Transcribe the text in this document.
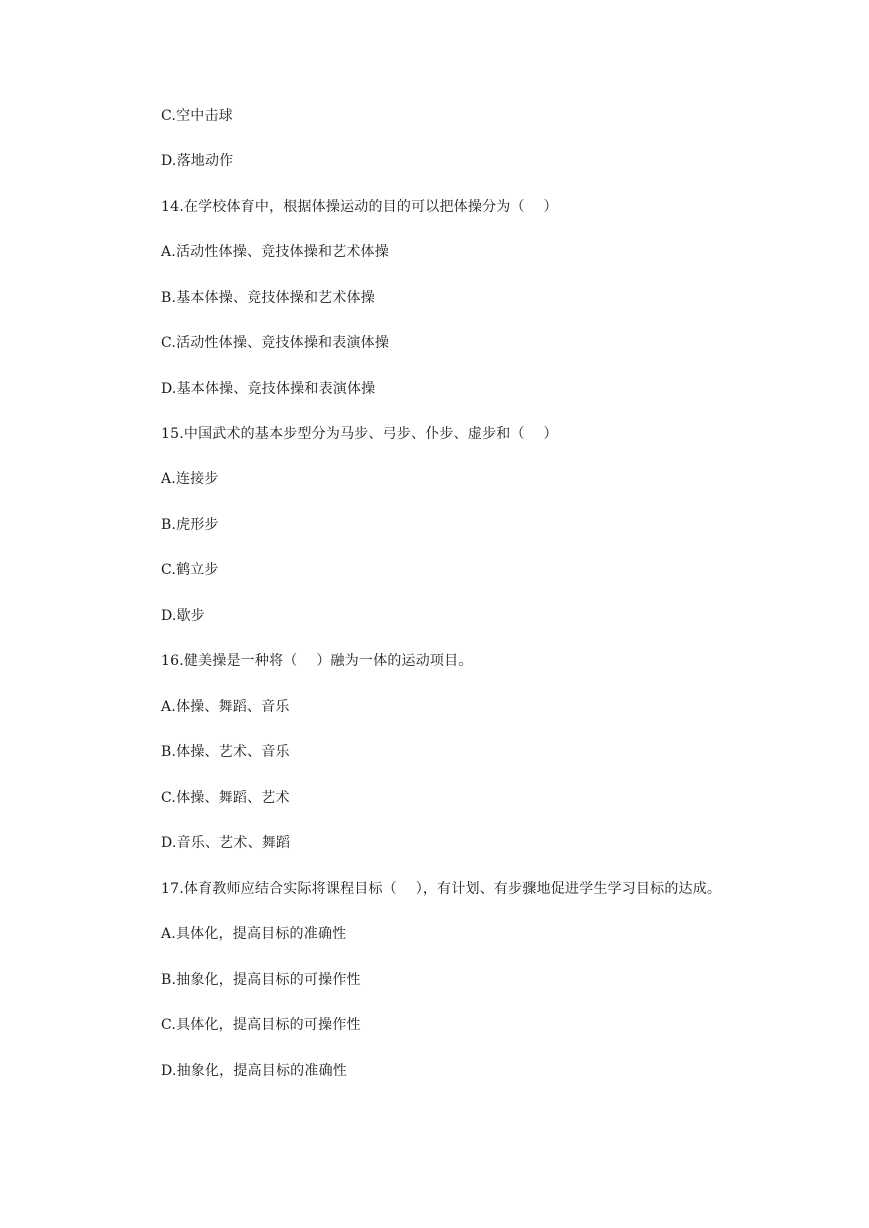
C.空中击球
D.落地动作
14.在学校体育中，根据体操运动的目的可以把体操分为（　 ）
A.活动性体操、竞技体操和艺术体操
B.基本体操、竞技体操和艺术体操
C.活动性体操、竞技体操和表演体操
D.基本体操、竞技体操和表演体操
15.中国武术的基本步型分为马步、弓步、仆步、虚步和（　 ）
A.连接步
B.虎形步
C.鹤立步
D.歇步
16.健美操是一种将（　 ）融为一体的运动项目。
A.体操、舞蹈、音乐
B.体操、艺术、音乐
C.体操、舞蹈、艺术
D.音乐、艺术、舞蹈
17.体育教师应结合实际将课程目标（　 ），有计划、有步骤地促进学生学习目标的达成。
A.具体化，提高目标的准确性
B.抽象化，提高目标的可操作性
C.具体化，提高目标的可操作性
D.抽象化，提高目标的准确性
